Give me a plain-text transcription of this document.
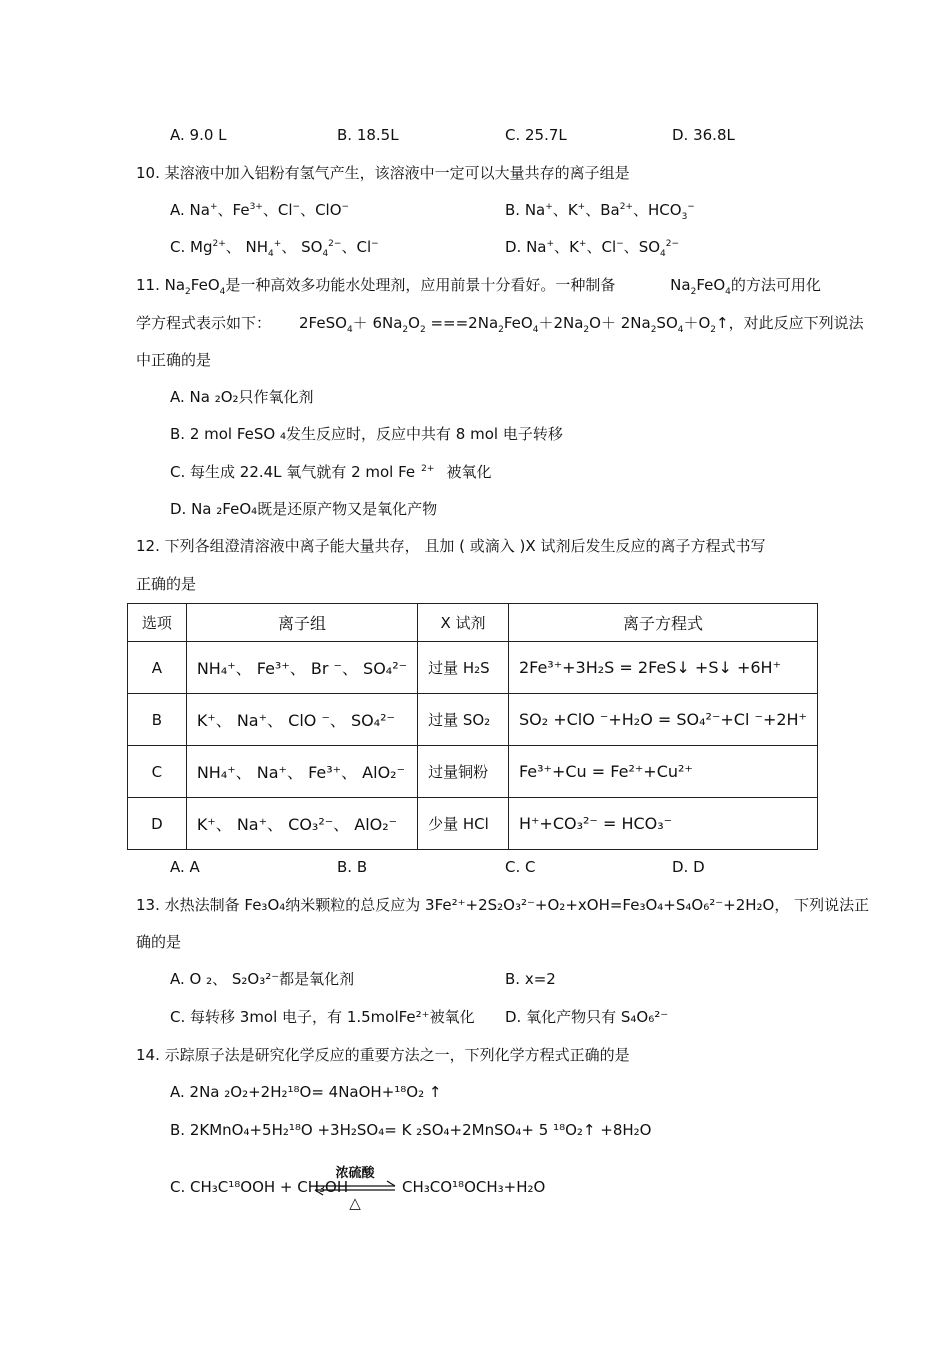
A. 9.0 L	B. 18.5L	C. 25.7L	D. 36.8L
10. 某溶液中加入铝粉有氢气产生，该溶液中一定可以大量共存的离子组是
A. Na+、$Fe^{3+}$、Cl−、ClO−	B. Na+、K+、$Ba^{2+}$、$HCO_3^-$
C. $Mg^{2+}$、 $NH_4^+$、 $SO_4^{2-}$、Cl−	D. Na+、K+、Cl−、$SO_4^{2-}$
11. $Na_2FeO_4$是一种高效多功能水处理剂，应用前景十分看好。一种制备	$Na_2FeO_4$的方法可用化
学方程式表示如下： 2FeSO$_4$＋ $6Na_2O_2 ===2Na_2FeO_4+2Na_2O+$ $2Na_2SO_4+O_2↑$，对此反应下列说法
中正确的是
A. Na ₂O₂只作氧化剂
B. 2 mol FeSO ₄发生反应时，反应中共有 8 mol 电子转移
C. 每生成 22.4L 氧气就有 2 mol Fe $^{2+}$ 被氧化
D. Na ₂FeO₄既是还原产物又是氧化产物
12. 下列各组澄清溶液中离子能大量共存， 且加 ( 或滴入 )X 试剂后发生反应的离子方程式书写
正确的是
选项	离子组	X 试剂	离子方程式
A	NH₄⁺、 Fe³⁺、 Br ⁻、 SO₄²⁻	过量 H₂S	2Fe³⁺+3H₂S = 2FeS↓ +S↓ +6H⁺
B	K⁺、 Na⁺、 ClO ⁻、 SO₄²⁻	过量 SO₂	SO₂ +ClO ⁻+H₂O = SO₄²⁻+Cl ⁻+2H⁺
C	NH₄⁺、 Na⁺、 Fe³⁺、 AlO₂⁻	过量铜粉	Fe³⁺+Cu = Fe²⁺+Cu²⁺
D	K⁺、 Na⁺、 CO₃²⁻、 AlO₂⁻	少量 HCl	H⁺+CO₃²⁻ = HCO₃⁻
A. A	B. B	C. C	D. D
13. 水热法制备 Fe₃O₄纳米颗粒的总反应为 3Fe²⁺+2S₂O₃²⁻+O₂+xOH=Fe₃O₄+S₄O₆²⁻+2H₂O， 下列说法正
确的是
A. O ₂、 S₂O₃²⁻都是氧化剂	B. x=2
C. 每转移 3mol 电子，有 1.5molFe²⁺被氧化 D. 氧化产物只有 S₄O₆²⁻
14. 示踪原子法是研究化学反应的重要方法之一，下列化学方程式正确的是
A. 2Na ₂O₂+2H₂¹⁸O= 4NaOH+¹⁸O₂ ↑
B. 2KMnO₄+5H₂¹⁸O +3H₂SO₄= K ₂SO₄+2MnSO₄+ 5 ¹⁸O₂↑ +8H₂O
C. CH₃C¹⁸OOH + CH₃OH
浓硫酸
△
CH₃CO¹⁸OCH₃+H₂O
